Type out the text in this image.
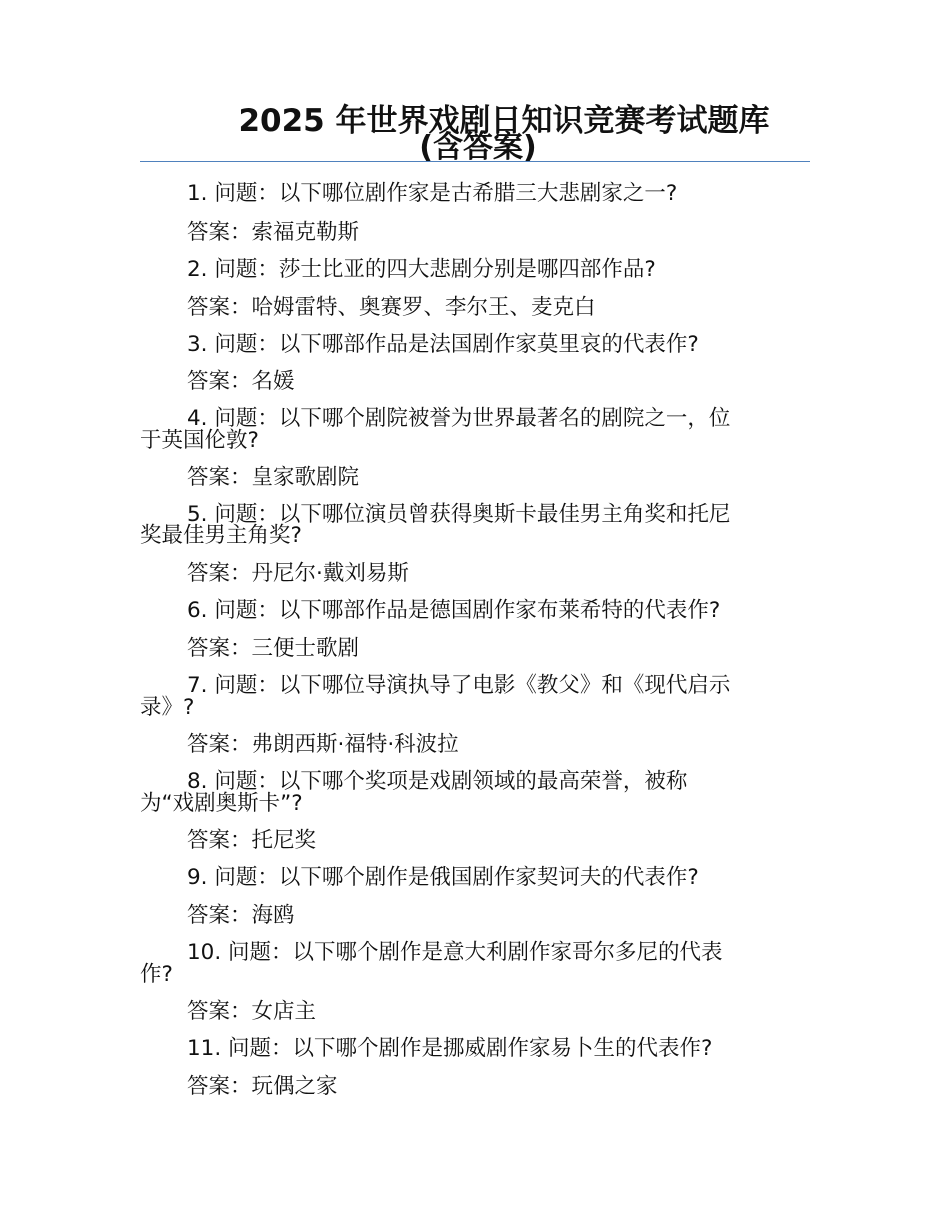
2025 年世界戏剧日知识竞赛考试题库
(含答案)
1. 问题：以下哪位剧作家是古希腊三大悲剧家之一?
答案：索福克勒斯
2. 问题：莎士比亚的四大悲剧分别是哪四部作品?
答案：哈姆雷特、奥赛罗、李尔王、麦克白
3. 问题：以下哪部作品是法国剧作家莫里哀的代表作?
答案：名媛
4. 问题：以下哪个剧院被誉为世界最著名的剧院之一，位
于英国伦敦?
答案：皇家歌剧院
5. 问题：以下哪位演员曾获得奥斯卡最佳男主角奖和托尼
奖最佳男主角奖?
答案：丹尼尔·戴刘易斯
6. 问题：以下哪部作品是德国剧作家布莱希特的代表作?
答案：三便士歌剧
7. 问题：以下哪位导演执导了电影《教父》和《现代启示
录》?
答案：弗朗西斯·福特·科波拉
8. 问题：以下哪个奖项是戏剧领域的最高荣誉，被称
为“戏剧奥斯卡”?
答案：托尼奖
9. 问题：以下哪个剧作是俄国剧作家契诃夫的代表作?
答案：海鸥
10. 问题：以下哪个剧作是意大利剧作家哥尔多尼的代表
作?
答案：女店主
11. 问题：以下哪个剧作是挪威剧作家易卜生的代表作?
答案：玩偶之家
